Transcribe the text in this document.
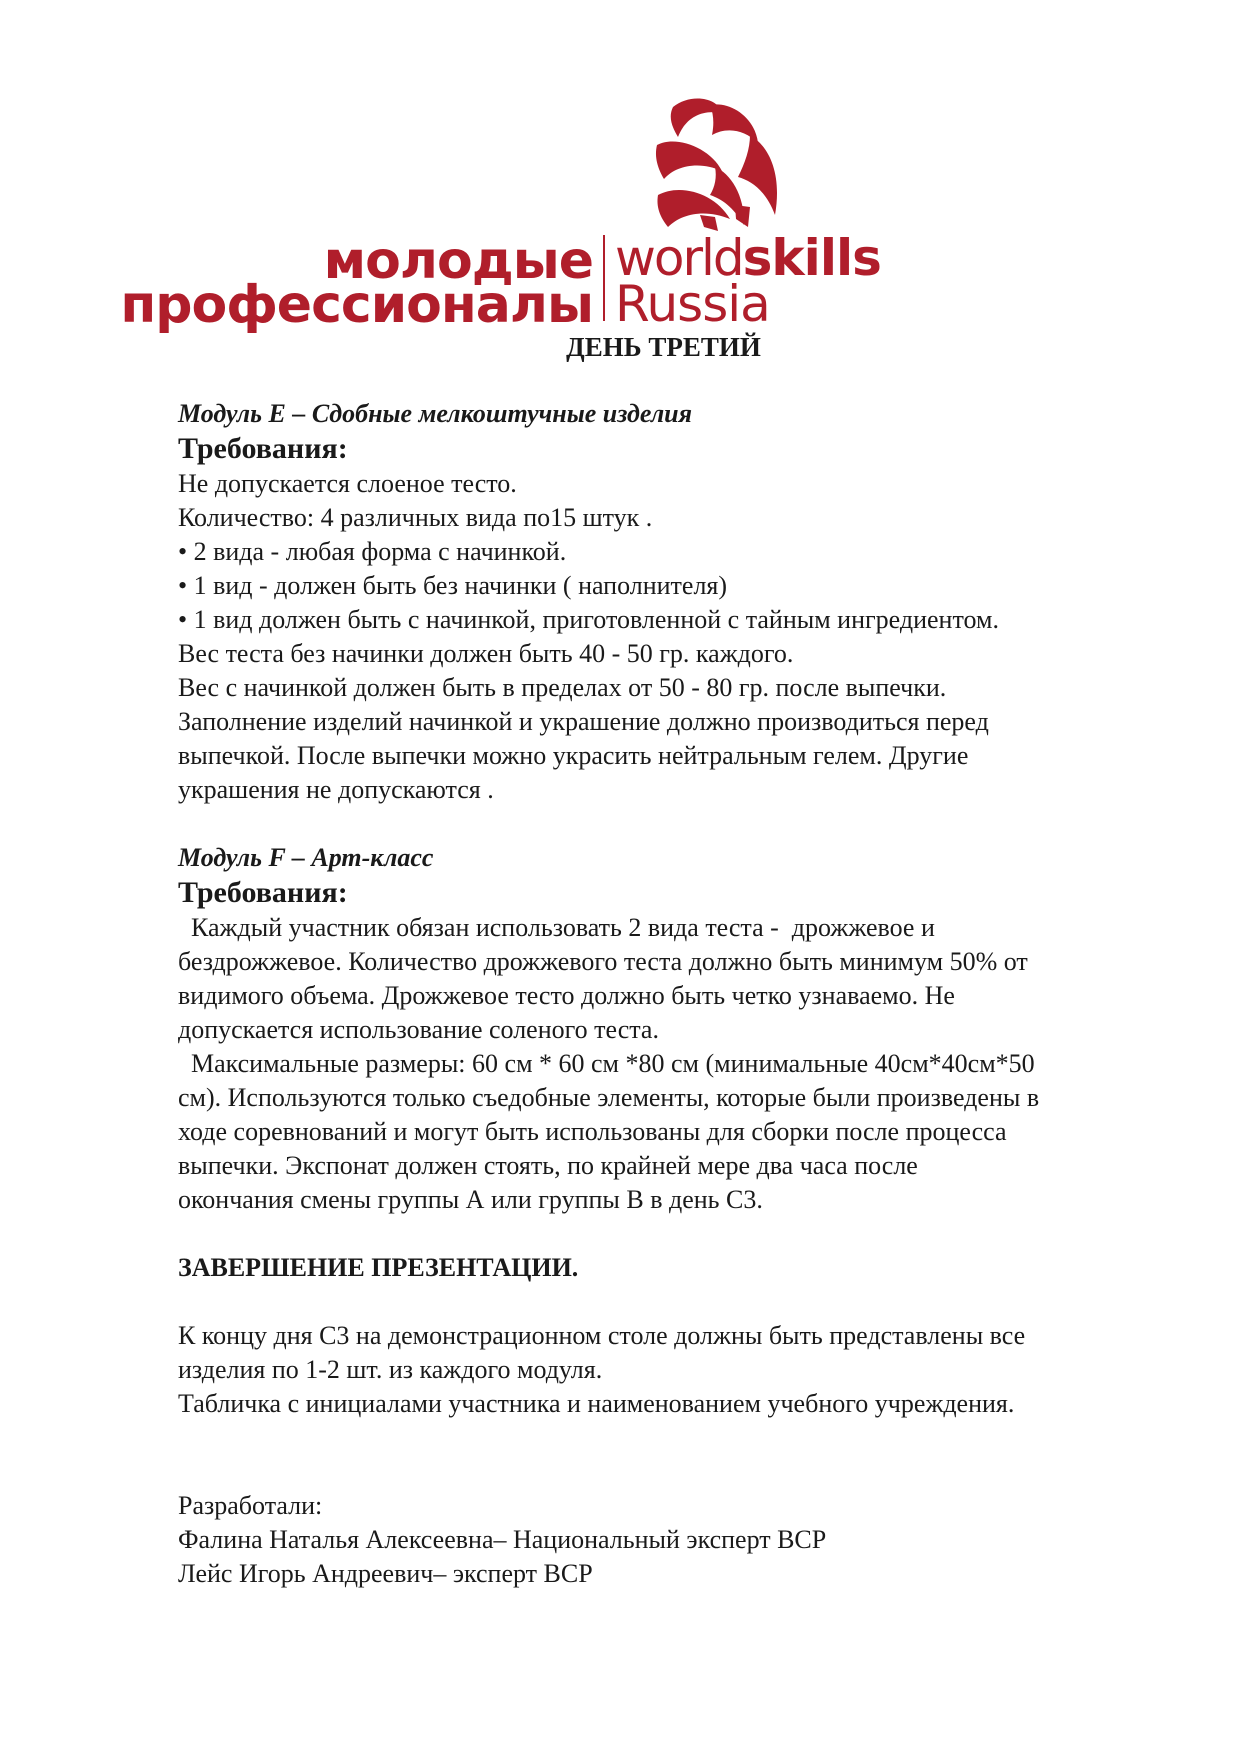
молодые
профессионалы
worldskills
Russia
ДЕНЬ ТРЕТИЙ

Модуль E – Сдобные мелкоштучные изделия

Требования:

Не допускается слоеное тесто.

Количество: 4 различных вида по15 штук .

• 2 вида - любая форма с начинкой.

• 1 вид - должен быть без начинки ( наполнителя)

• 1 вид должен быть с начинкой, приготовленной с тайным ингредиентом.

Вес теста без начинки должен быть 40 - 50 гр. каждого.

Вес с начинкой должен быть в пределах от 50 - 80 гр. после выпечки.

Заполнение изделий начинкой и украшение должно производиться перед

выпечкой. После выпечки можно украсить нейтральным гелем. Другие

украшения не допускаются .

Модуль F – Арт-класс

Требования:

Каждый участник обязан использовать 2 вида теста -  дрожжевое и

бездрожжевое. Количество дрожжевого теста должно быть минимум 50% от

видимого объема. Дрожжевое тесто должно быть четко узнаваемо. Не

допускается использование соленого теста.

Максимальные размеры: 60 см * 60 см *80 см (минимальные 40см*40см*50

см). Используются только съедобные элементы, которые были произведены в

ходе соревнований и могут быть использованы для сборки после процесса

выпечки. Экспонат должен стоять, по крайней мере два часа после

окончания смены группы А или группы В в день С3.

ЗАВЕРШЕНИЕ ПРЕЗЕНТАЦИИ.

К концу дня С3 на демонстрационном столе должны быть представлены все

изделия по 1-2 шт. из каждого модуля.

Табличка с инициалами участника и наименованием учебного учреждения.

Разработали:

Фалина Наталья Алексеевна– Национальный эксперт ВСР

Лейс Игорь Андреевич– эксперт ВСР
